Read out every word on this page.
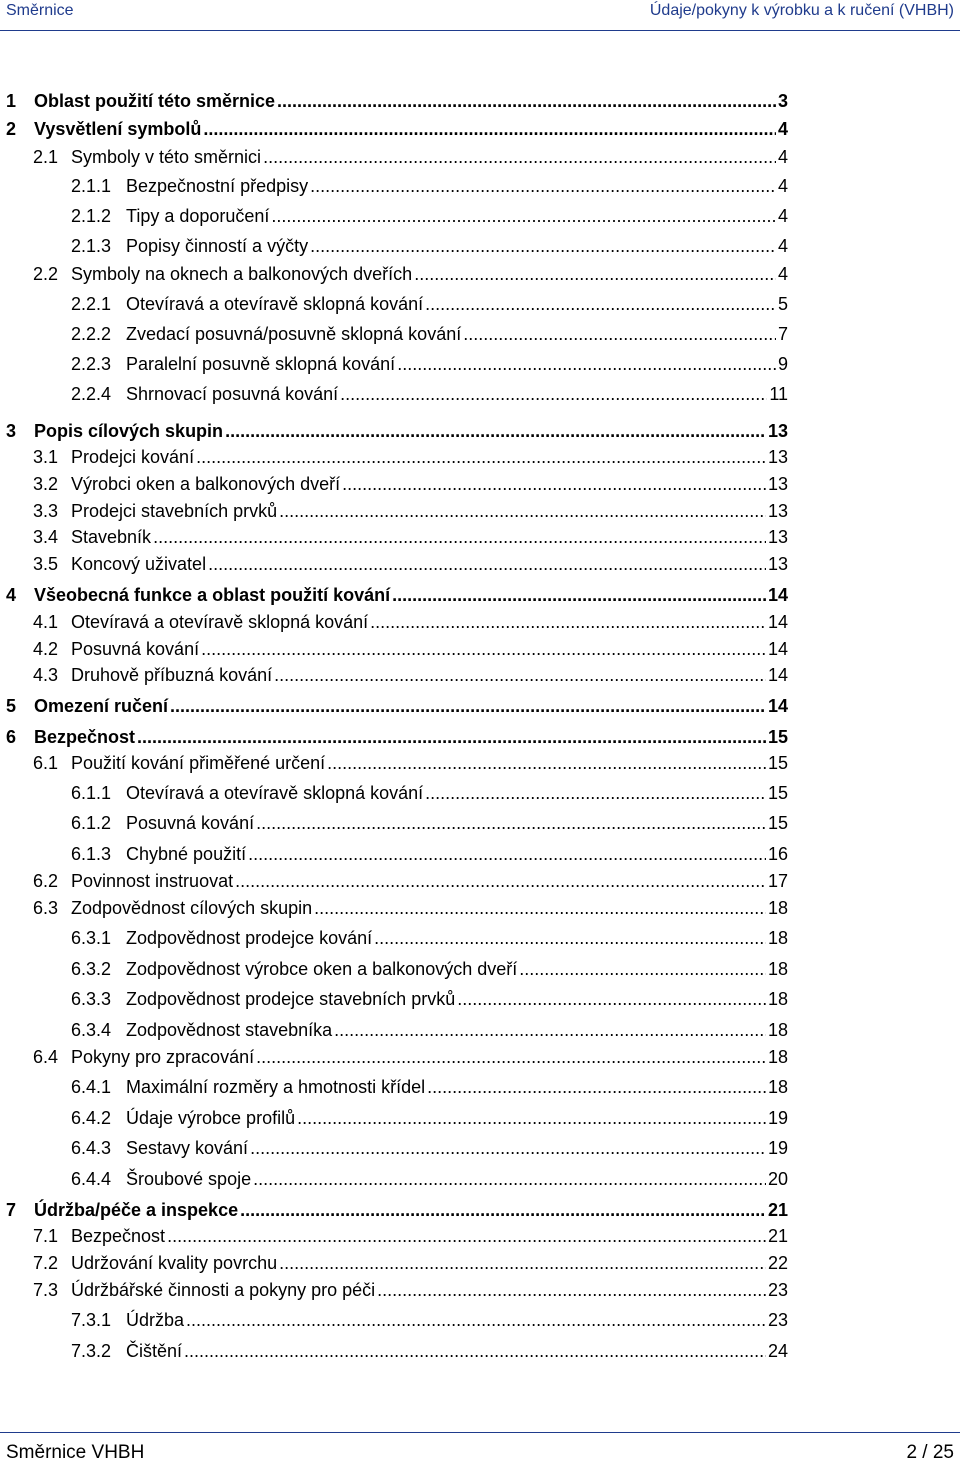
Směrnice	Údaje/pokyny k výrobku a k ručení (VHBH)
1 Oblast použití této směrnice .....	3
2 Vysvětlení symbolů .....	4
2.1 Symboly v této směrnici .....	4
2.1.1 Bezpečnostní předpisy .....	4
2.1.2 Tipy a doporučení .....	4
2.1.3 Popisy činností a výčty .....	4
2.2 Symboly na oknech a balkonových dveřích .....	4
2.2.1 Otevíravá a otevíravě sklopná kování .....	5
2.2.2 Zvedací posuvná/posuvně sklopná kování .....	7
2.2.3 Paralelní posuvně sklopná kování .....	9
2.2.4 Shrnovací posuvná kování .....	11
3 Popis cílových skupin .....	13
3.1 Prodejci kování .....	13
3.2 Výrobci oken a balkonových dveří .....	13
3.3 Prodejci stavebních prvků .....	13
3.4 Stavebník .....	13
3.5 Koncový uživatel .....	13
4 Všeobecná funkce a oblast použití kování .....	14
4.1 Otevíravá a otevíravě sklopná kování .....	14
4.2 Posuvná kování .....	14
4.3 Druhově příbuzná kování .....	14
5 Omezení ručení .....	14
6 Bezpečnost .....	15
6.1 Použití kování přiměřené určení .....	15
6.1.1 Otevíravá a otevíravě sklopná kování .....	15
6.1.2 Posuvná kování .....	15
6.1.3 Chybné použití .....	16
6.2 Povinnost instruovat .....	17
6.3 Zodpovědnost cílových skupin .....	18
6.3.1 Zodpovědnost prodejce kování .....	18
6.3.2 Zodpovědnost výrobce oken a balkonových dveří .....	18
6.3.3 Zodpovědnost prodejce stavebních prvků .....	18
6.3.4 Zodpovědnost stavebníka .....	18
6.4 Pokyny pro zpracování .....	18
6.4.1 Maximální rozměry a hmotnosti křídel .....	18
6.4.2 Údaje výrobce profilů .....	19
6.4.3 Sestavy kování .....	19
6.4.4 Šroubové spoje .....	20
7 Údržba/péče a inspekce .....	21
7.1 Bezpečnost .....	21
7.2 Udržování kvality povrchu .....	22
7.3 Údržbářské činnosti a pokyny pro péči .....	23
7.3.1 Údržba .....	23
7.3.2 Čištění .....	24
Směrnice VHBH	2 / 25
